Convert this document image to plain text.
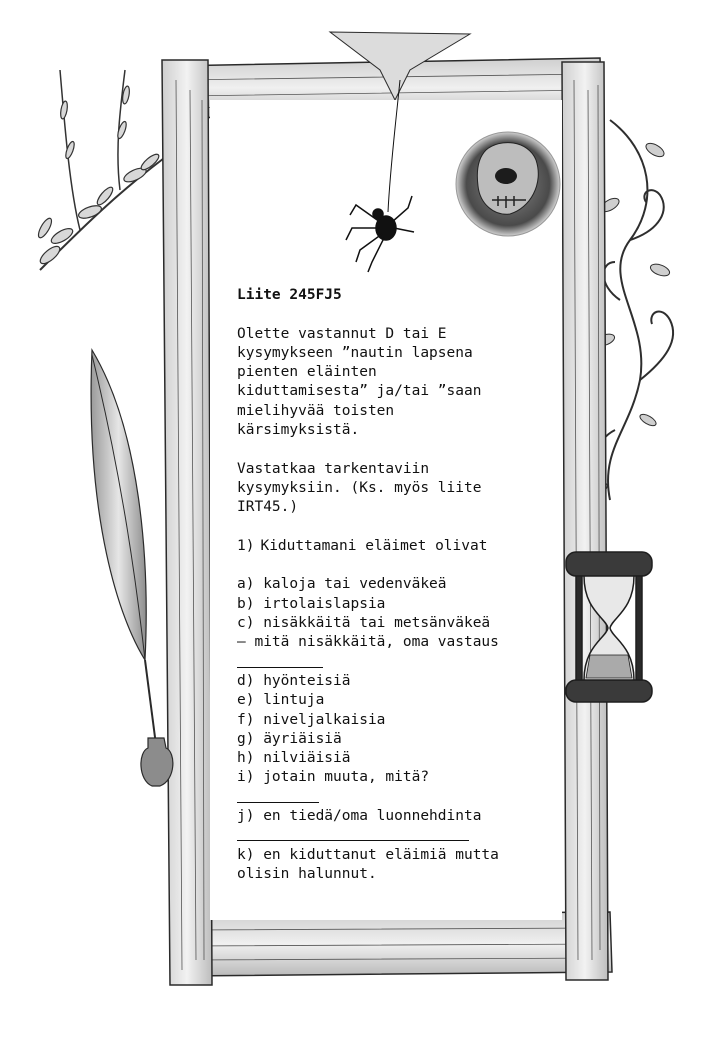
Liite 245FJ5
Olette vastannut D tai E
kysymykseen ”nautin lapsena
pienten eläinten
kiduttamisesta” ja/tai ”saan
mielihyvää toisten
kärsimyksistä.
Vastatkaa tarkentaviin
kysymyksiin. (Ks. myös liite
IRT45.)
1) Kiduttamani eläimet olivat
a) kaloja tai vedenväkeä
b) irtolaislapsia
c) nisäkkäitä tai metsänväkeä
– mitä nisäkkäitä, oma vastaus
d) hyönteisiä
e) lintuja
f) niveljalkaisia
g) äyriäisiä
h) nilviäisiä
i) jotain muuta, mitä?
j) en tiedä/oma luonnehdinta
k) en kiduttanut eläimiä mutta
olisin halunnut.
